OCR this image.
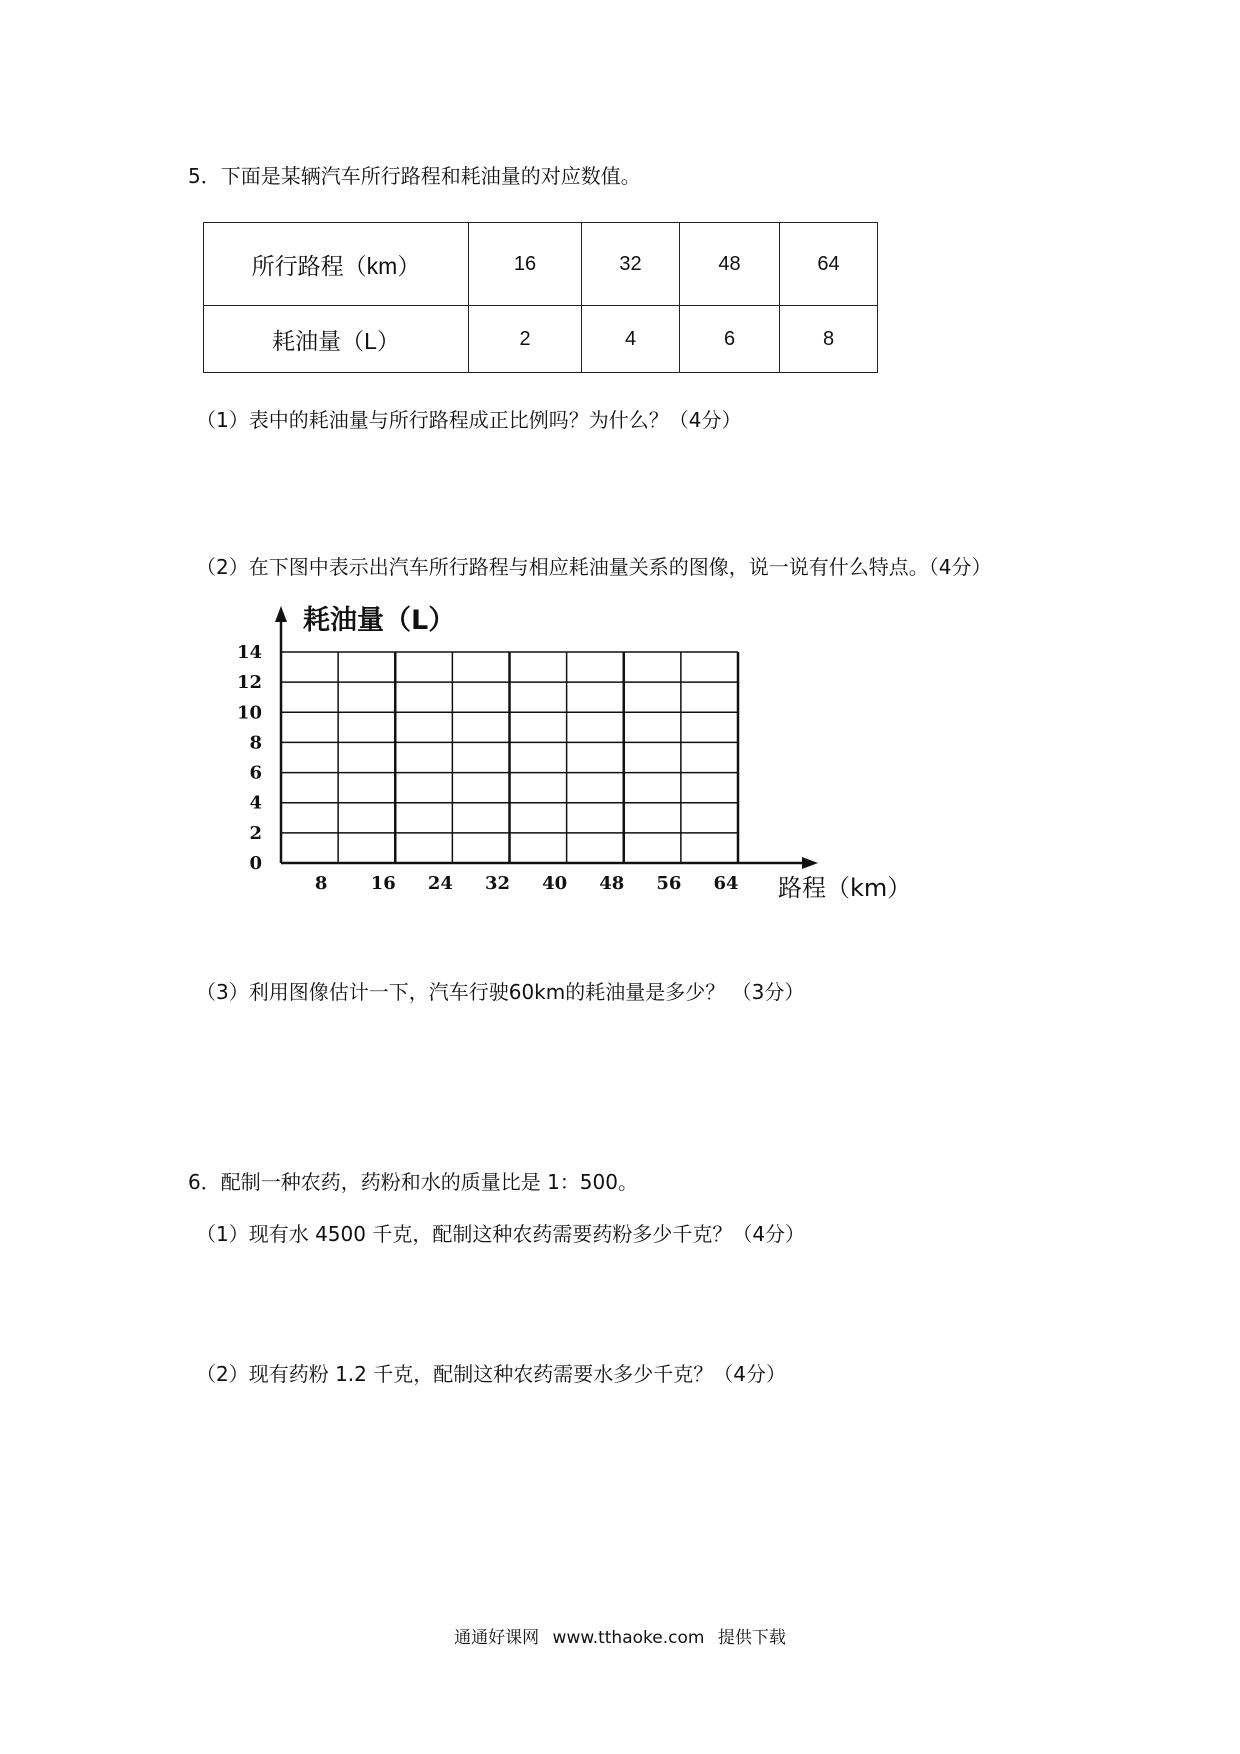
5．下面是某辆汽车所行路程和耗油量的对应数值。
所行路程（km）	16	32	48	64
耗油量（L）	2	4	6	8
（1）表中的耗油量与所行路程成正比例吗？为什么？（4分）
（2）在下图中表示出汽车所行路程与相应耗油量关系的图像，说一说有什么特点。（4分）
0
2
4
6
8
10
12
14
8 16 24 32 40 48 56 64
耗油量（L）
路程（km）
（3）利用图像估计一下，汽车行驶60km的耗油量是多少？ （3分）
6．配制一种农药，药粉和水的质量比是 1：500。
（1）现有水 4500 千克，配制这种农药需要药粉多少千克？（4分）
（2）现有药粉 1.2 千克，配制这种农药需要水多少千克？（4分）
通通好课网 www.tthaoke.com 提供下载
